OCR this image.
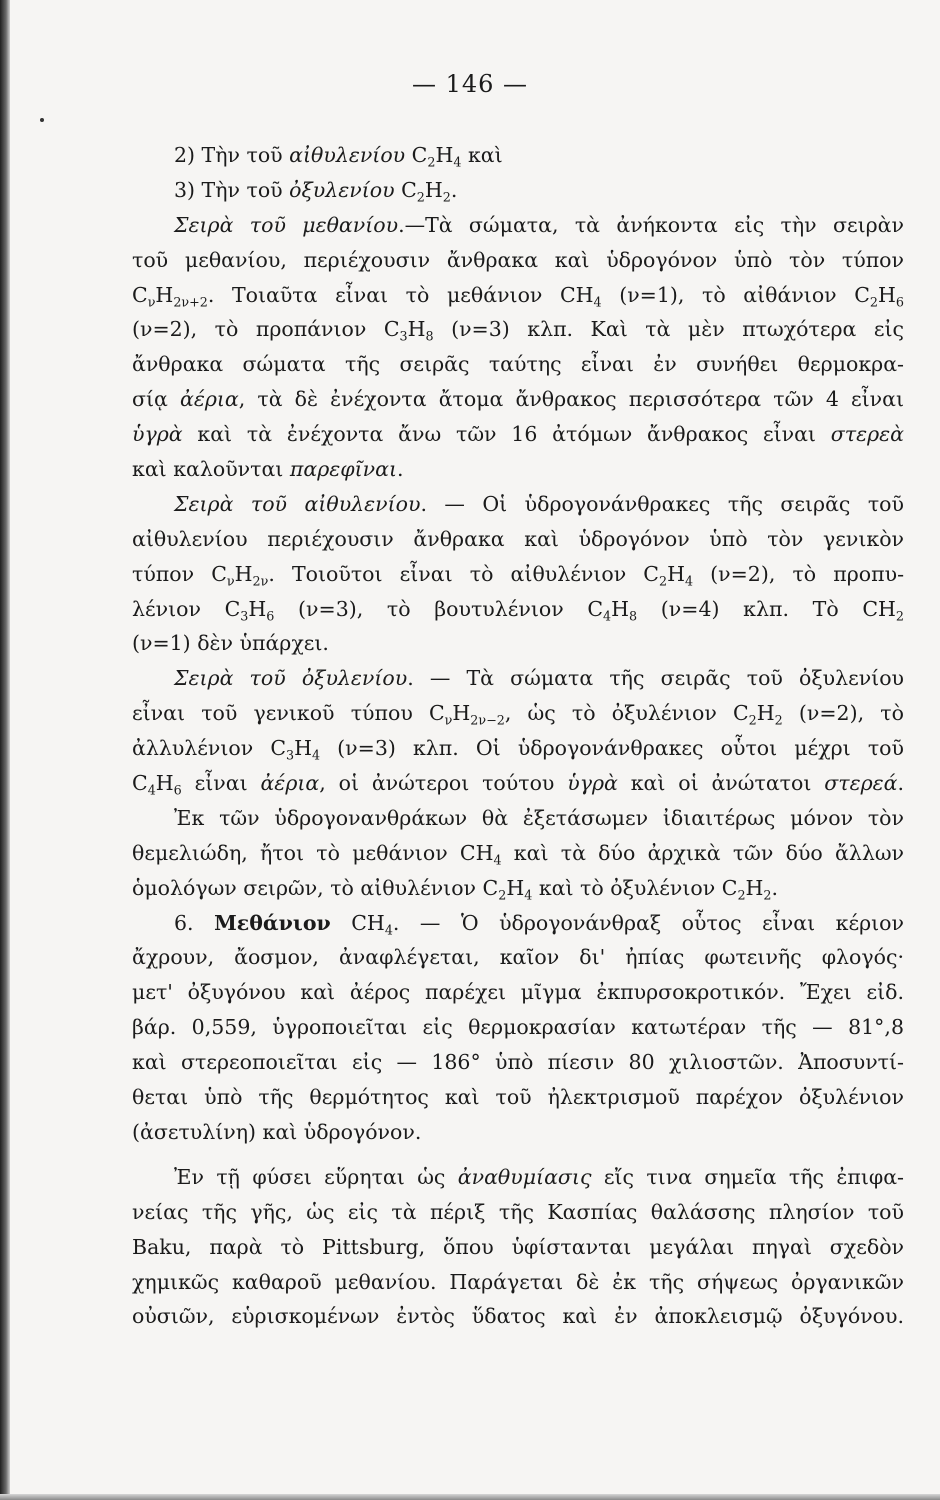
— 146 —
2) Τὴν τοῦ αἰθυλενίου $C_2H_4$ καὶ
3) Τὴν τοῦ ὀξυλενίου $C_2H_2$.
Σειρὰ τοῦ μεθανίου.—Τὰ σώματα, τὰ ἀνήκοντα εἰς τὴν σειρὰν
τοῦ μεθανίου, περιέχουσιν ἄνθρακα καὶ ὑδρογόνον ὑπὸ τὸν τύπον
$C_\nu H_{2\nu+2}$. Τοιαῦτα εἶναι τὸ μεθάνιον $CH_4$ (ν=1), τὸ αἰθάνιον $C_2H_6$
(ν=2), τὸ προπάνιον $C_3H_8$ (ν=3) κλπ. Καὶ τὰ μὲν πτωχότερα εἰς
ἄνθρακα σώματα τῆς σειρᾶς ταύτης εἶναι ἐν συνήθει θερμοκρα-
σίᾳ ἀέρια, τὰ δὲ ἐνέχοντα ἄτομα ἄνθρακος περισσότερα τῶν 4 εἶναι
ὑγρὰ καὶ τὰ ἐνέχοντα ἄνω τῶν 16 ἀτόμων ἄνθρακος εἶναι στερεὰ
καὶ καλοῦνται παρεφῖναι.
Σειρὰ τοῦ αἰθυλενίου. — Οἱ ὑδρογονάνθρακες τῆς σειρᾶς τοῦ
αἰθυλενίου περιέχουσιν ἄνθρακα καὶ ὑδρογόνον ὑπὸ τὸν γενικὸν
τύπον $C_\nu H_{2\nu}$. Τοιοῦτοι εἶναι τὸ αἰθυλένιον $C_2H_4$ (ν=2), τὸ προπυ-
λένιον $C_3H_6$ (ν=3), τὸ βουτυλένιον $C_4H_8$ (ν=4) κλπ. Τὸ $CH_2$
(ν=1) δὲν ὑπάρχει.
Σειρὰ τοῦ ὀξυλενίου. — Τὰ σώματα τῆς σειρᾶς τοῦ ὀξυλενίου
εἶναι τοῦ γενικοῦ τύπου $C_\nu H_{2\nu-2}$, ὡς τὸ ὀξυλένιον $C_2H_2$ (ν=2), τὸ
ἀλλυλένιον $C_3H_4$ (ν=3) κλπ. Οἱ ὑδρογονάνθρακες οὗτοι μέχρι τοῦ
$C_4H_6$ εἶναι ἀέρια, οἱ ἀνώτεροι τούτου ὑγρὰ καὶ οἱ ἀνώτατοι στερεά.
Ἐκ τῶν ὑδρογονανθράκων θὰ ἐξετάσωμεν ἰδιαιτέρως μόνον τὸν
θεμελιώδη, ἤτοι τὸ μεθάνιον $CH_4$ καὶ τὰ δύο ἀρχικὰ τῶν δύο ἄλλων
ὁμολόγων σειρῶν, τὸ αἰθυλένιον $C_2H_4$ καὶ τὸ ὀξυλένιον $C_2H_2$.
6. Μεθάνιον $CH_4$. — Ὁ ὑδρογονάνθραξ οὗτος εἶναι κέριον
ἄχρουν, ἄοσμον, ἀναφλέγεται, καῖον δι' ἠπίας φωτεινῆς φλογός·
μετ' ὀξυγόνου καὶ ἀέρος παρέχει μῖγμα ἐκπυρσοκροτικόν. Ἔχει εἰδ.
βάρ. 0,559, ὑγροποιεῖται εἰς θερμοκρασίαν κατωτέραν τῆς — 81°,8
καὶ στερεοποιεῖται εἰς — 186° ὑπὸ πίεσιν 80 χιλιοστῶν. Ἀποσυντί-
θεται ὑπὸ τῆς θερμότητος καὶ τοῦ ἠλεκτρισμοῦ παρέχον ὀξυλένιον
(ἀσετυλίνη) καὶ ὑδρογόνον.
Ἐν τῇ φύσει εὕρηται ὡς ἀναθυμίασις εἴς τινα σημεῖα τῆς ἐπιφα-
νείας τῆς γῆς, ὡς εἰς τὰ πέριξ τῆς Κασπίας θαλάσσης πλησίον τοῦ
Baku, παρὰ τὸ Pittsburg, ὅπου ὑφίστανται μεγάλαι πηγαὶ σχεδὸν
χημικῶς καθαροῦ μεθανίου. Παράγεται δὲ ἐκ τῆς σήψεως ὀργανικῶν
οὐσιῶν, εὑρισκομένων ἐντὸς ὕδατος καὶ ἐν ἀποκλεισμῷ ὀξυγόνου.
